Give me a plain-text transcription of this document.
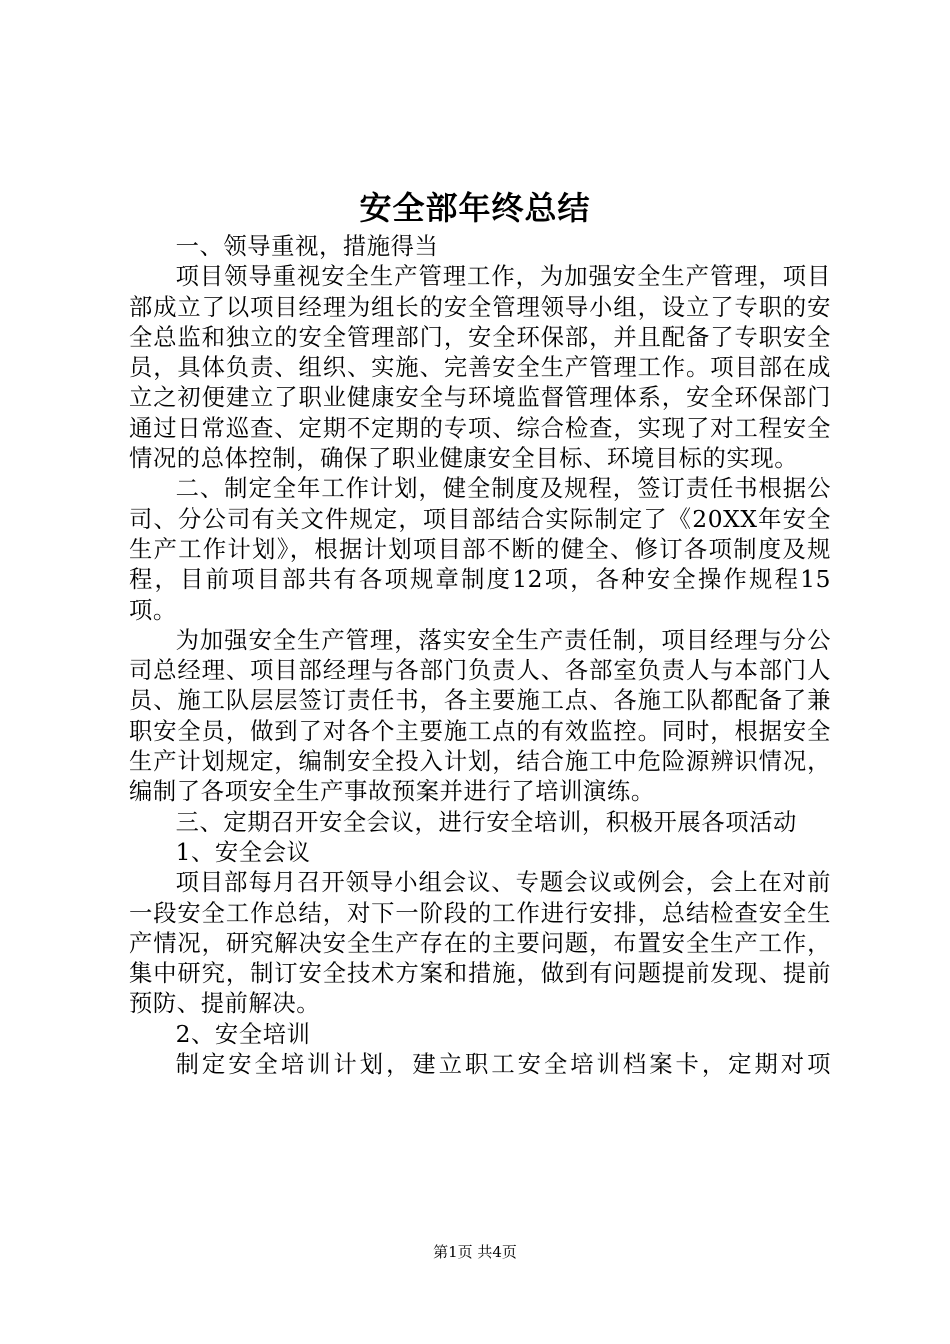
安全部年终总结

一、领导重视，措施得当

项目领导重视安全生产管理工作，为加强安全生产管理，项目部成立了以项目经理为组长的安全管理领导小组，设立了专职的安全总监和独立的安全管理部门，安全环保部，并且配备了专职安全员，具体负责、组织、实施、完善安全生产管理工作。项目部在成立之初便建立了职业健康安全与环境监督管理体系，安全环保部门通过日常巡查、定期不定期的专项、综合检查，实现了对工程安全情况的总体控制，确保了职业健康安全目标、环境目标的实现。

二、制定全年工作计划，健全制度及规程，签订责任书根据公司、分公司有关文件规定，项目部结合实际制定了《20XX年安全生产工作计划》，根据计划项目部不断的健全、修订各项制度及规程，目前项目部共有各项规章制度12项，各种安全操作规程15项。

为加强安全生产管理，落实安全生产责任制，项目经理与分公司总经理、项目部经理与各部门负责人、各部室负责人与本部门人员、施工队层层签订责任书，各主要施工点、各施工队都配备了兼职安全员，做到了对各个主要施工点的有效监控。同时，根据安全生产计划规定，编制安全投入计划，结合施工中危险源辨识情况，编制了各项安全生产事故预案并进行了培训演练。

三、定期召开安全会议，进行安全培训，积极开展各项活动

1、安全会议

项目部每月召开领导小组会议、专题会议或例会，会上在对前一段安全工作总结，对下一阶段的工作进行安排，总结检查安全生产情况，研究解决安全生产存在的主要问题，布置安全生产工作，集中研究，制订安全技术方案和措施，做到有问题提前发现、提前预防、提前解决。

2、安全培训

制定安全培训计划，建立职工安全培训档案卡，定期对项

第1页 共4页
